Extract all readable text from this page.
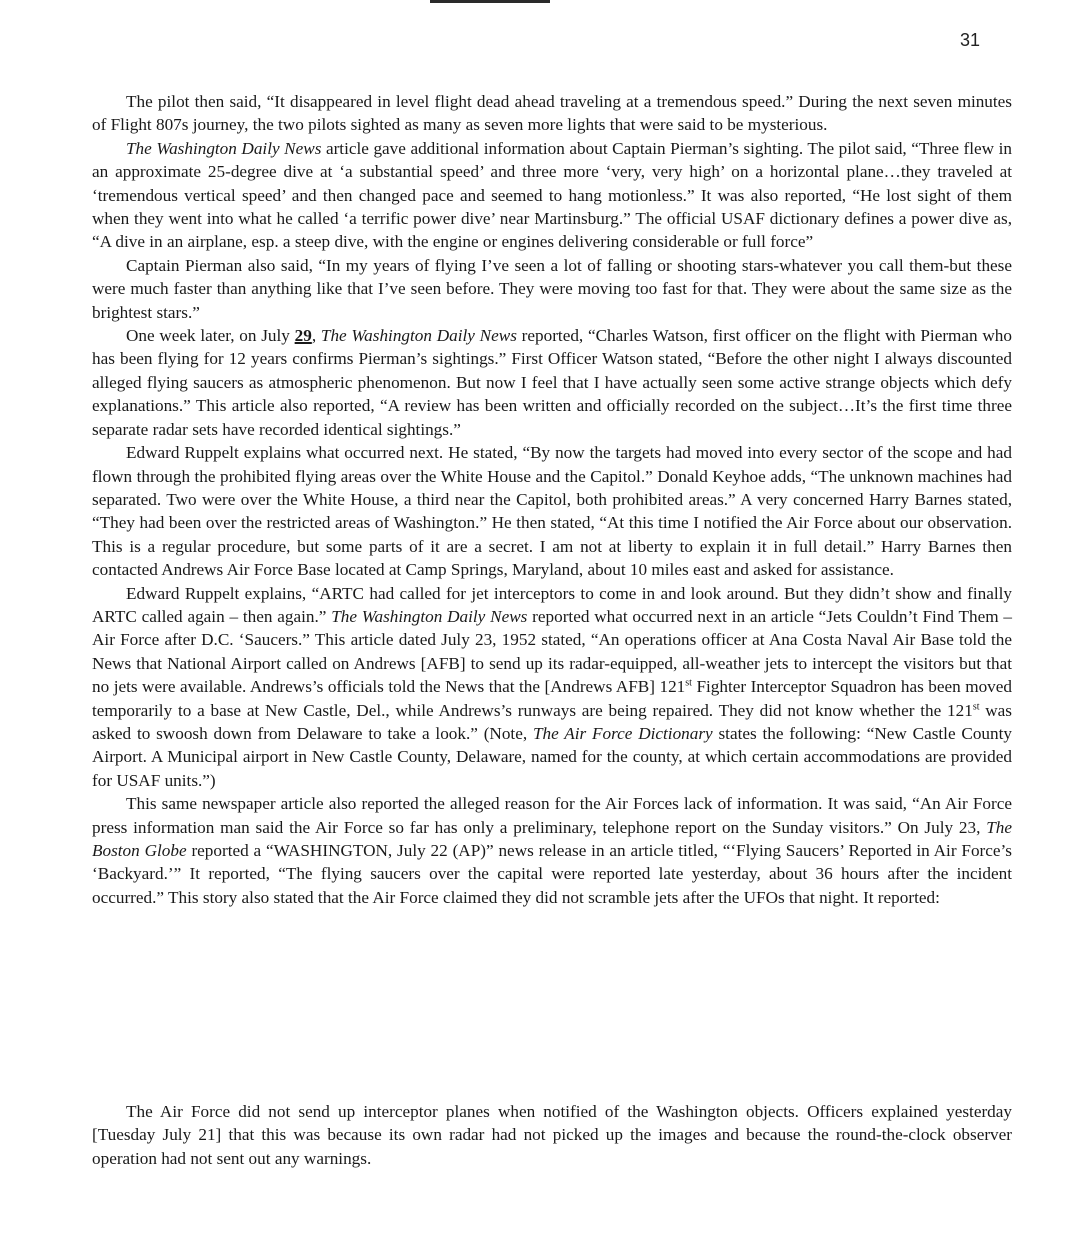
31

The pilot then said, “It disappeared in level flight dead ahead traveling at a tremendous speed.” During the next seven minutes of Flight 807s journey, the two pilots sighted as many as seven more lights that were said to be mysterious.

The Washington Daily News article gave additional information about Captain Pierman’s sighting. The pilot said, “Three flew in an approximate 25-degree dive at ‘a substantial speed’ and three more ‘very, very high’ on a horizontal plane…they traveled at ‘tremendous vertical speed’ and then changed pace and seemed to hang motionless.” It was also reported, “He lost sight of them when they went into what he called ‘a terrific power dive’ near Martinsburg.” The official USAF dictionary defines a power dive as, “A dive in an airplane, esp. a steep dive, with the engine or engines delivering considerable or full force”

Captain Pierman also said, “In my years of flying I’ve seen a lot of falling or shooting stars-whatever you call them-but these were much faster than anything like that I’ve seen before. They were moving too fast for that. They were about the same size as the brightest stars.”

One week later, on July 29, The Washington Daily News reported, “Charles Watson, first officer on the flight with Pierman who has been flying for 12 years confirms Pierman’s sightings.” First Officer Watson stated, “Before the other night I always discounted alleged flying saucers as atmospheric phenomenon. But now I feel that I have actually seen some active strange objects which defy explanations.” This article also reported, “A review has been written and officially recorded on the subject…It’s the first time three separate radar sets have recorded identical sightings.”

Edward Ruppelt explains what occurred next. He stated, “By now the targets had moved into every sector of the scope and had flown through the prohibited flying areas over the White House and the Capitol.” Donald Keyhoe adds, “The unknown machines had separated. Two were over the White House, a third near the Capitol, both prohibited areas.” A very concerned Harry Barnes stated, “They had been over the restricted areas of Washington.” He then stated, “At this time I notified the Air Force about our observation. This is a regular procedure, but some parts of it are a secret. I am not at liberty to explain it in full detail.” Harry Barnes then contacted Andrews Air Force Base located at Camp Springs, Maryland, about 10 miles east and asked for assistance.

Edward Ruppelt explains, “ARTC had called for jet interceptors to come in and look around. But they didn’t show and finally ARTC called again – then again.” The Washington Daily News reported what occurred next in an article “Jets Couldn’t Find Them – Air Force after D.C. ‘Saucers.” This article dated July 23, 1952 stated, “An operations officer at Ana Costa Naval Air Base told the News that National Airport called on Andrews [AFB] to send up its radar-equipped, all-weather jets to intercept the visitors but that no jets were available. Andrews’s officials told the News that the [Andrews AFB] 121st Fighter Interceptor Squadron has been moved temporarily to a base at New Castle, Del., while Andrews’s runways are being repaired. They did not know whether the 121st was asked to swoosh down from Delaware to take a look.” (Note, The Air Force Dictionary states the following: “New Castle County Airport. A Municipal airport in New Castle County, Delaware, named for the county, at which certain accommodations are provided for USAF units.”)

This same newspaper article also reported the alleged reason for the Air Forces lack of information. It was said, “An Air Force press information man said the Air Force so far has only a preliminary, telephone report on the Sunday visitors.” On July 23, The Boston Globe reported a “WASHINGTON, July 22 (AP)” news release in an article titled, “‘Flying Saucers’ Reported in Air Force’s ‘Backyard.’” It reported, “The flying saucers over the capital were reported late yesterday, about 36 hours after the incident occurred.” This story also stated that the Air Force claimed they did not scramble jets after the UFOs that night. It reported:

The Air Force did not send up interceptor planes when notified of the Washington objects. Officers explained yesterday [Tuesday July 21] that this was because its own radar had not picked up the images and because the round-the-clock observer operation had not sent out any warnings.
